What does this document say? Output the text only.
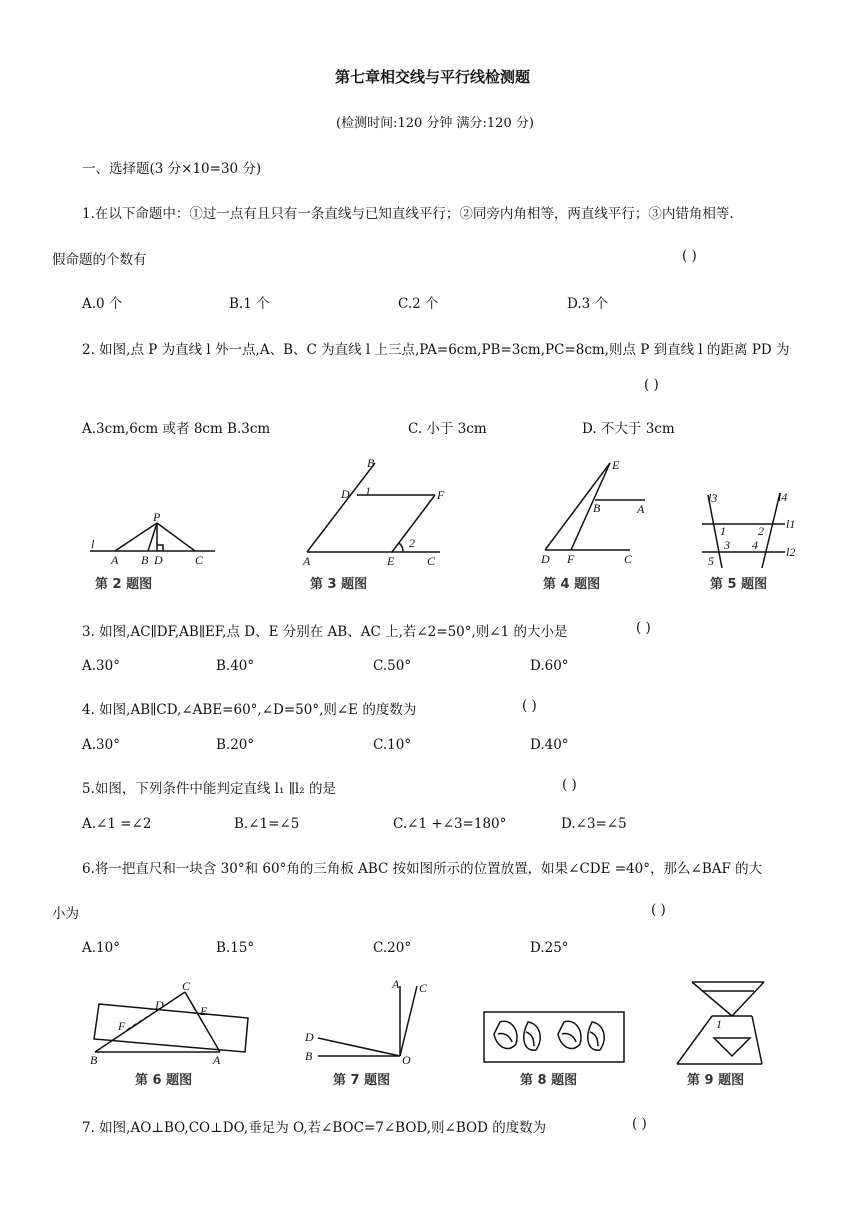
第七章相交线与平行线检测题
(检测时间:120 分钟 满分:120 分)
一、选择题(3 分×10=30 分)
1.在以下命题中：①过一点有且只有一条直线与已知直线平行；②同旁内角相等，两直线平行；③内错角相等.
假命题的个数有	( )
A.0 个	B.1 个	C.2 个	D.3 个
2. 如图,点 P 为直线 l 外一点,A、B、C 为直线 l 上三点,PA=6cm,PB=3cm,PC=8cm,则点 P 到直线 l 的距离 PD 为
( )
A.3cm,6cm 或者 8cm B.3cm	C. 小于 3cm	D. 不大于 3cm
P
l
A B D	C
第 2 题图
B
D 1	F
A	E
2
C
第 3 题图
E
B	A
D F	C
第 4 题图
l3	l4
l1
1	2
3 4 l2
5
第 5 题图
3. 如图,AC∥DF,AB∥EF,点 D、E 分别在 AB、AC 上,若∠2=50°,则∠1 的大小是	( )
A.30°	B.40°	C.50°	D.60°
4. 如图,AB∥CD,∠ABE=60°,∠D=50°,则∠E 的度数为	( )
A.30°	B.20°	C.10°	D.40°
5.如图，下列条件中能判定直线 l₁ ∥l₂ 的是	( )
A.∠1 =∠2	B.∠1=∠5	C.∠1 +∠3=180°	D.∠3=∠5
6.将一把直尺和一块含 30°和 60°角的三角板 ABC 按如图所示的位置放置，如果∠CDE =40°，那么∠BAF 的大
小为	( )
A.10°	B.15°	C.20°	D.25°
C
D	E
F
B	A
第 6 题图
A C
D
B	O
第 7 题图	第 8 题图
1
第 9 题图
7. 如图,AO⊥BO,CO⊥DO,垂足为 O,若∠BOC=7∠BOD,则∠BOD 的度数为	( )
